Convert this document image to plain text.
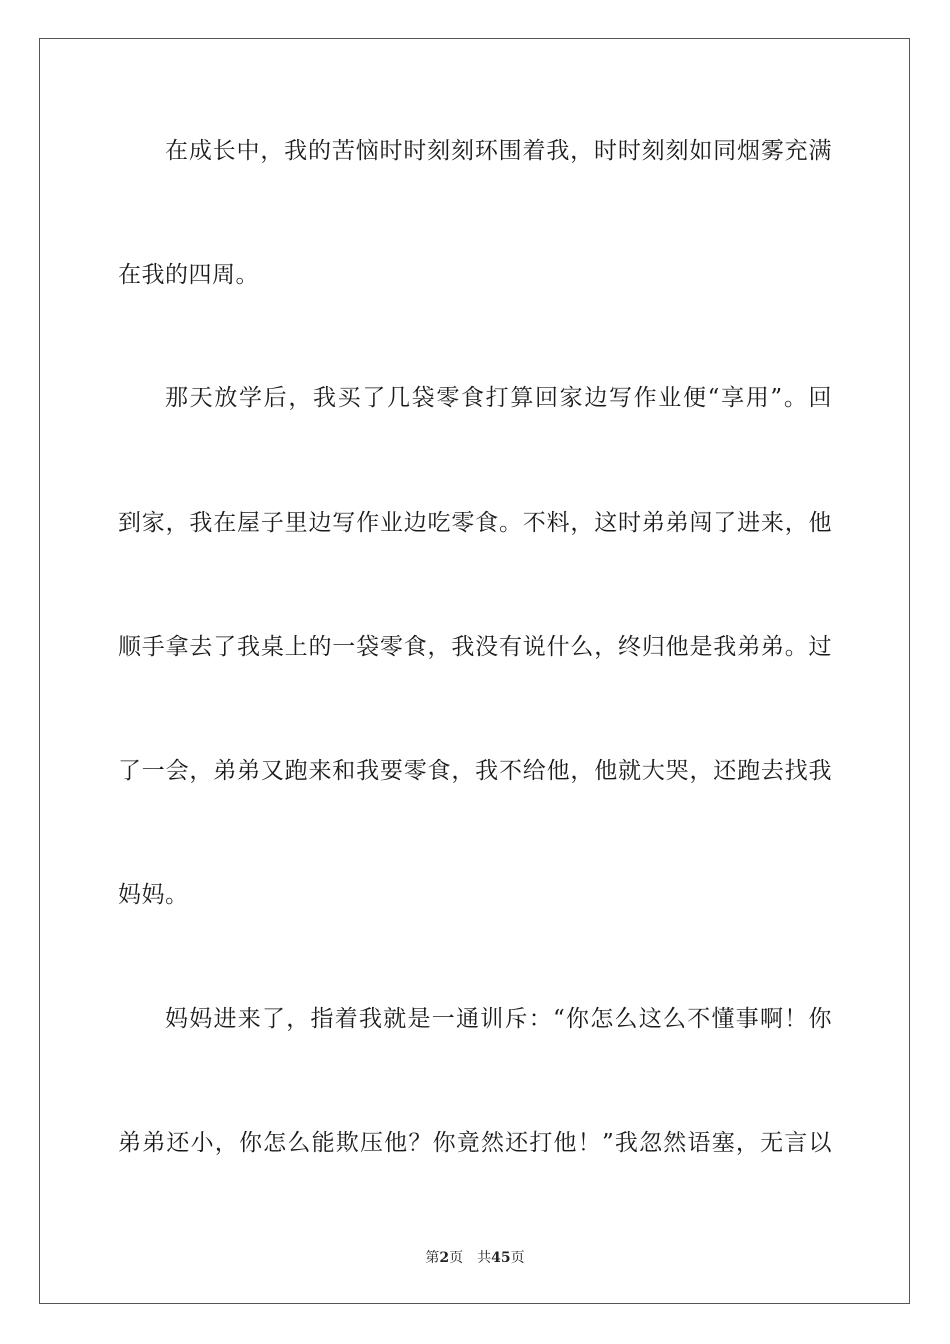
在成长中，我的苦恼时时刻刻环围着我，时时刻刻如同烟雾充满
在我的四周。
那天放学后，我买了几袋零食打算回家边写作业便“享用”。回
到家，我在屋子里边写作业边吃零食。不料，这时弟弟闯了进来，他
顺手拿去了我桌上的一袋零食，我没有说什么，终归他是我弟弟。过
了一会，弟弟又跑来和我要零食，我不给他，他就大哭，还跑去找我
妈妈。
妈妈进来了，指着我就是一通训斥：“你怎么这么不懂事啊！你
弟弟还小，你怎么能欺压他？你竟然还打他！”我忽然语塞，无言以
第2页 共45页
